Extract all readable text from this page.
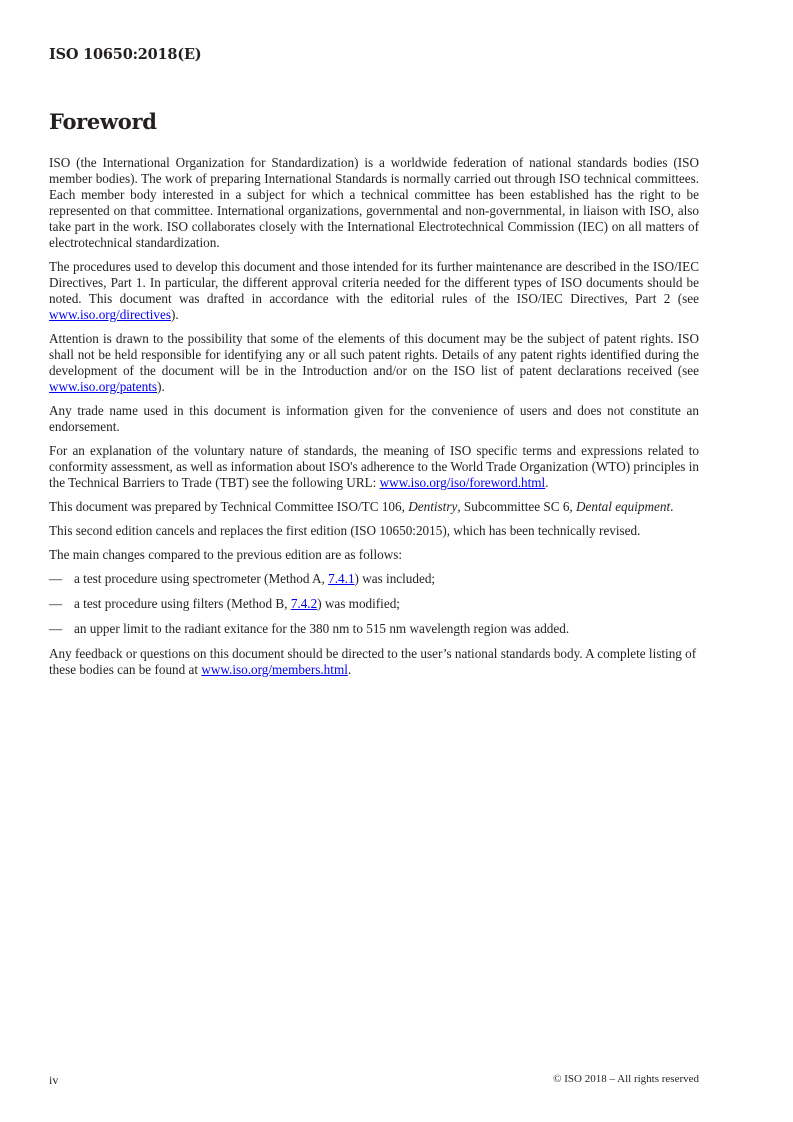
ISO 10650:2018(E)
Foreword

ISO (the International Organization for Standardization) is a worldwide federation of national standards bodies (ISO member bodies). The work of preparing International Standards is normally carried out through ISO technical committees. Each member body interested in a subject for which a technical committee has been established has the right to be represented on that committee. International organizations, governmental and non-governmental, in liaison with ISO, also take part in the work. ISO collaborates closely with the International Electrotechnical Commission (IEC) on all matters of electrotechnical standardization.

The procedures used to develop this document and those intended for its further maintenance are described in the ISO/IEC Directives, Part 1. In particular, the different approval criteria needed for the different types of ISO documents should be noted. This document was drafted in accordance with the editorial rules of the ISO/IEC Directives, Part 2 (see www.iso.org/directives).

Attention is drawn to the possibility that some of the elements of this document may be the subject of patent rights. ISO shall not be held responsible for identifying any or all such patent rights. Details of any patent rights identified during the development of the document will be in the Introduction and/or on the ISO list of patent declarations received (see www.iso.org/patents).

Any trade name used in this document is information given for the convenience of users and does not constitute an endorsement.

For an explanation of the voluntary nature of standards, the meaning of ISO specific terms and expressions related to conformity assessment, as well as information about ISO's adherence to the World Trade Organization (WTO) principles in the Technical Barriers to Trade (TBT) see the following URL: www.iso.org/iso/foreword.html.

This document was prepared by Technical Committee ISO/TC 106, Dentistry, Subcommittee SC 6, Dental equipment.

This second edition cancels and replaces the first edition (ISO 10650:2015), which has been technically revised.

The main changes compared to the previous edition are as follows:

— a test procedure using spectrometer (Method A, 7.4.1) was included;
— a test procedure using filters (Method B, 7.4.2) was modified;
— an upper limit to the radiant exitance for the 380 nm to 515 nm wavelength region was added.

Any feedback or questions on this document should be directed to the user’s national standards body. A complete listing of these bodies can be found at www.iso.org/members.html.

iv	© ISO 2018 – All rights reserved
